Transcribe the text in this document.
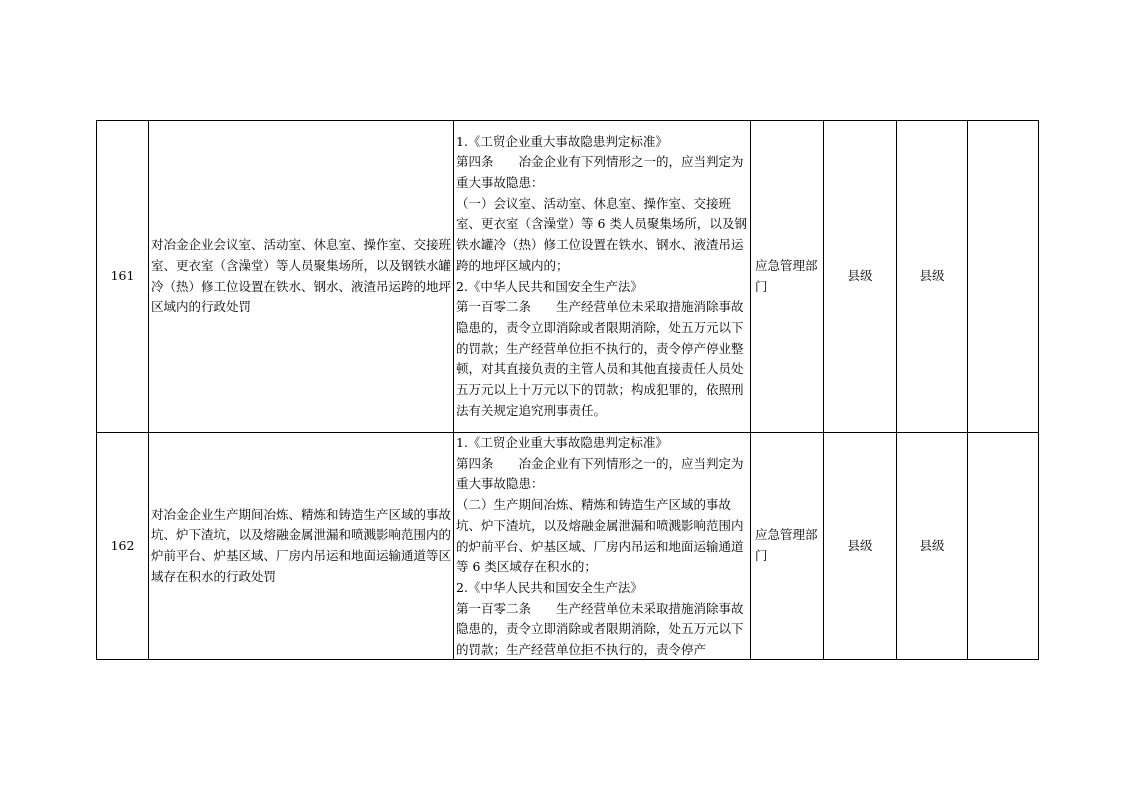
161	对冶金企业会议室、活动室、休息室、操作室、交接班室、更衣室（含澡堂）等人员聚集场所，以及钢铁水罐冷（热）修工位设置在铁水、钢水、液渣吊运跨的地坪区域内的行政处罚	1.《工贸企业重大事故隐患判定标准》
第四条　　冶金企业有下列情形之一的，应当判定为重大事故隐患：
（一）会议室、活动室、休息室、操作室、交接班室、更衣室（含澡堂）等 6 类人员聚集场所，以及钢铁水罐冷（热）修工位设置在铁水、钢水、液渣吊运跨的地坪区域内的；
2.《中华人民共和国安全生产法》
第一百零二条　　生产经营单位未采取措施消除事故隐患的，责令立即消除或者限期消除，处五万元以下的罚款；生产经营单位拒不执行的，责令停产停业整顿，对其直接负责的主管人员和其他直接责任人员处五万元以上十万元以下的罚款；构成犯罪的，依照刑法有关规定追究刑事责任。	应急管理部门	县级	县级	
162	对冶金企业生产期间冶炼、精炼和铸造生产区域的事故坑、炉下渣坑，以及熔融金属泄漏和喷溅影响范围内的炉前平台、炉基区域、厂房内吊运和地面运输通道等区域存在积水的行政处罚	1.《工贸企业重大事故隐患判定标准》
第四条　　冶金企业有下列情形之一的，应当判定为重大事故隐患：
（二）生产期间冶炼、精炼和铸造生产区域的事故坑、炉下渣坑，以及熔融金属泄漏和喷溅影响范围内的炉前平台、炉基区域、厂房内吊运和地面运输通道等 6 类区域存在积水的；
2.《中华人民共和国安全生产法》
第一百零二条　　生产经营单位未采取措施消除事故隐患的，责令立即消除或者限期消除，处五万元以下的罚款；生产经营单位拒不执行的，责令停产	应急管理部门	县级	县级	
